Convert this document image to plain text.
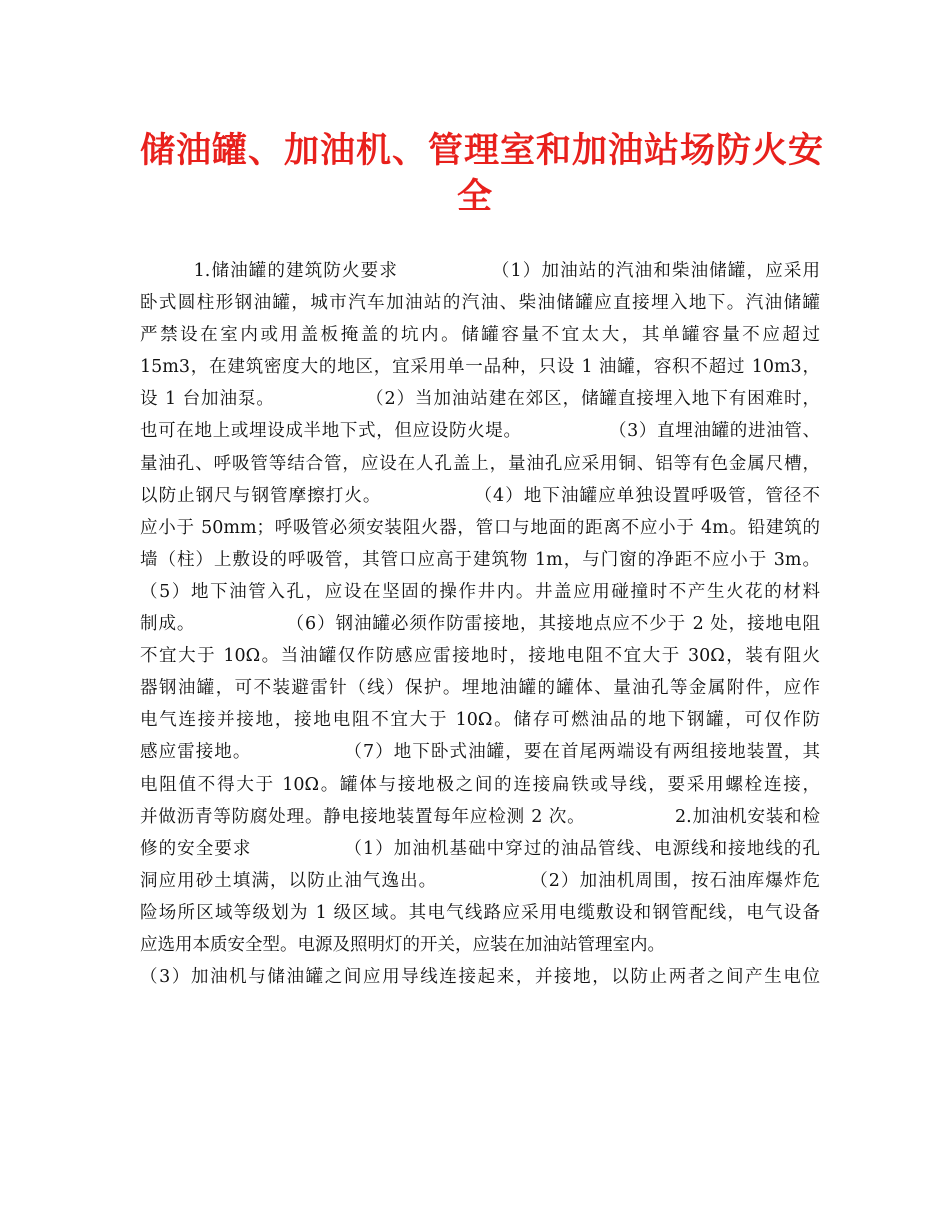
储油罐、加油机、管理室和加油站场防火安
全
1.储油罐的建筑防火要求              （1）加油站的汽油和柴油储罐，应采用
卧式圆柱形钢油罐，城市汽车加油站的汽油、柴油储罐应直接埋入地下。汽油储罐
严禁设在室内或用盖板掩盖的坑内。储罐容量不宜太大，其单罐容量不应超过
15m3，在建筑密度大的地区，宜采用单一品种，只设 1 油罐，容积不超过 10m3，
设 1 台加油泵。              （2）当加油站建在郊区，储罐直接埋入地下有困难时，
也可在地上或埋设成半地下式，但应设防火堤。              （3）直埋油罐的进油管、
量油孔、呼吸管等结合管，应设在人孔盖上，量油孔应采用铜、铝等有色金属尺槽，
以防止钢尺与钢管摩擦打火。              （4）地下油罐应单独设置呼吸管，管径不
应小于 50mm；呼吸管必须安装阻火器，管口与地面的距离不应小于 4m。铅建筑的
墙（柱）上敷设的呼吸管，其管口应高于建筑物 1m，与门窗的净距不应小于 3m。
（5）地下油管入孔，应设在坚固的操作井内。井盖应用碰撞时不产生火花的材料
制成。              （6）钢油罐必须作防雷接地，其接地点应不少于 2 处，接地电阻
不宜大于 10Ω。当油罐仅作防感应雷接地时，接地电阻不宜大于 30Ω，装有阻火
器钢油罐，可不装避雷针（线）保护。埋地油罐的罐体、量油孔等金属附件，应作
电气连接并接地，接地电阻不宜大于 10Ω。储存可燃油品的地下钢罐，可仅作防
感应雷接地。              （7）地下卧式油罐，要在首尾两端设有两组接地装置，其
电阻值不得大于 10Ω。罐体与接地极之间的连接扁铁或导线，要采用螺栓连接，
并做沥青等防腐处理。静电接地装置每年应检测 2 次。              2.加油机安装和检
修的安全要求              （1）加油机基础中穿过的油品管线、电源线和接地线的孔
洞应用砂土填满，以防止油气逸出。              （2）加油机周围，按石油库爆炸危
险场所区域等级划为 1 级区域。其电气线路应采用电缆敷设和钢管配线，电气设备
应选用本质安全型。电源及照明灯的开关，应装在加油站管理室内。
（3）加油机与储油罐之间应用导线连接起来，并接地，以防止两者之间产生电位
